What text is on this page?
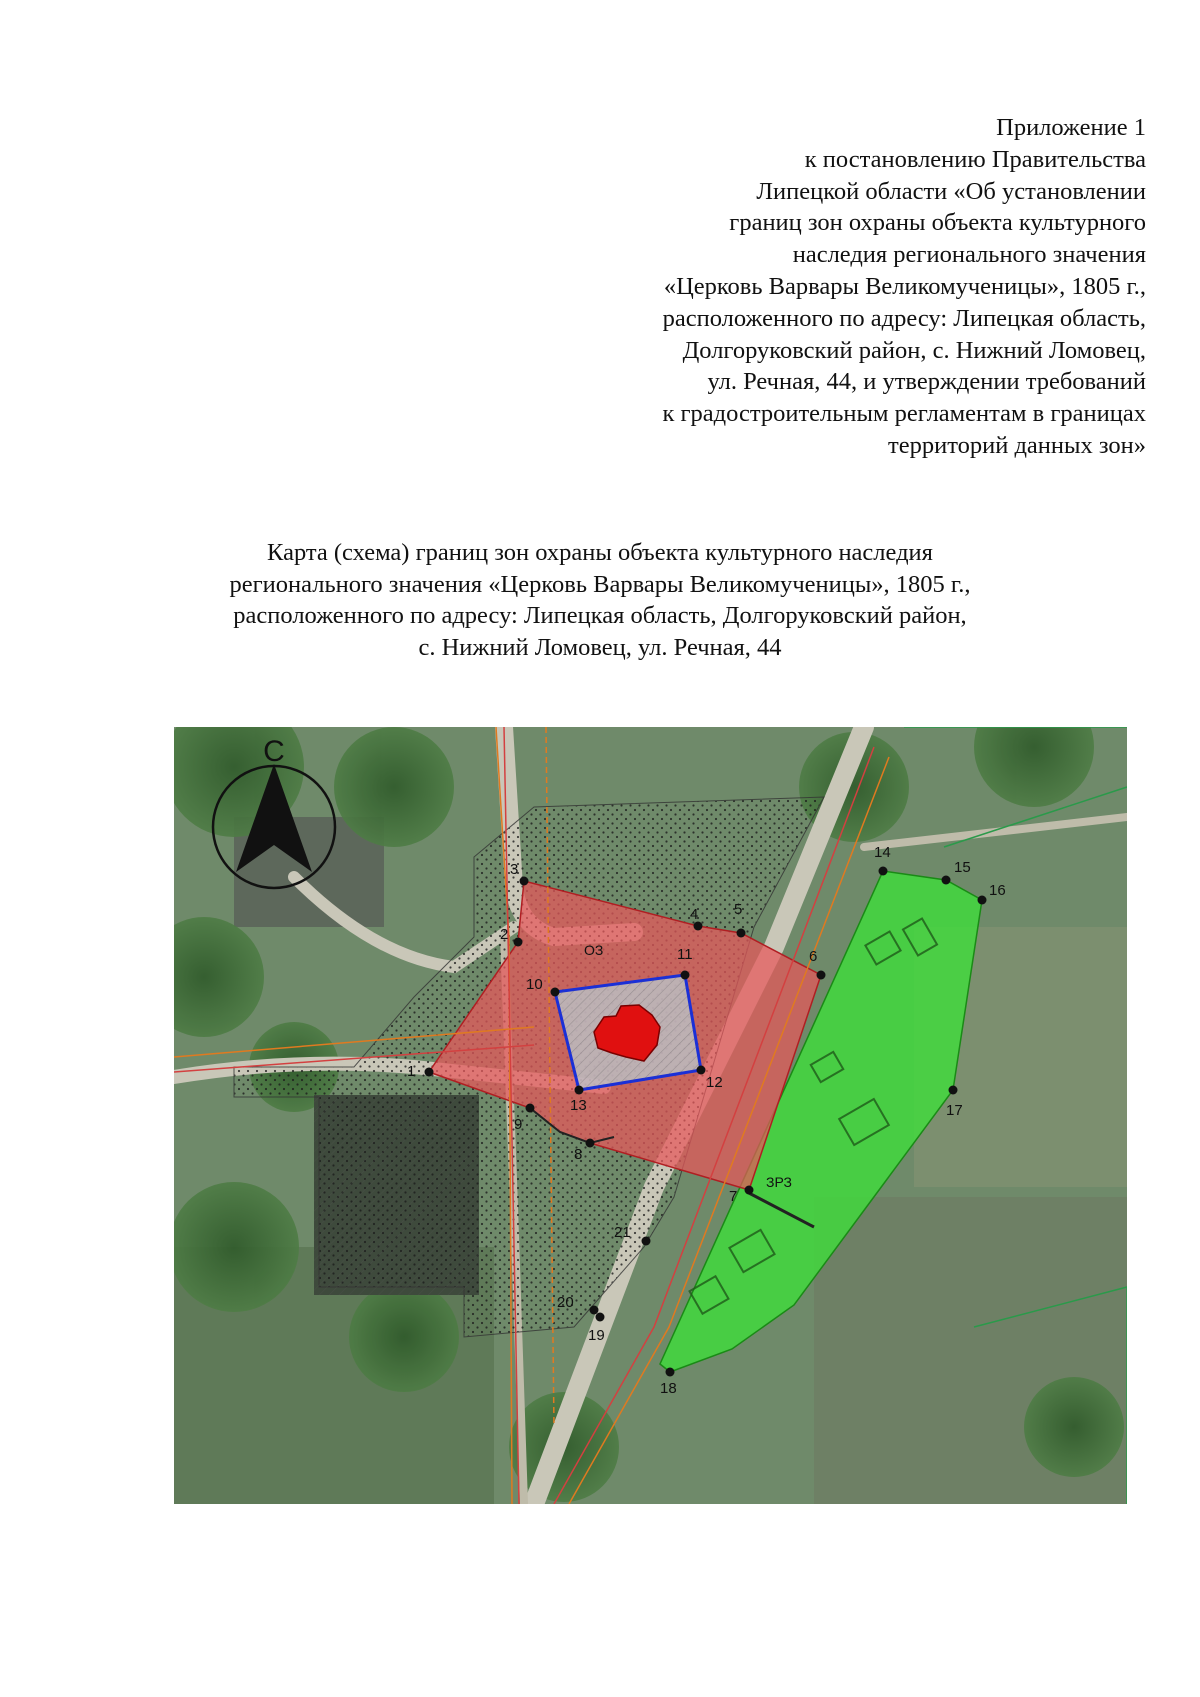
Приложение 1
к постановлению Правительства
Липецкой области «Об установлении
границ зон охраны объекта культурного
наследия регионального значения
«Церковь Варвары Великомученицы», 1805 г.,
расположенного по адресу: Липецкая область,
Долгоруковский район, с. Нижний Ломовец,
ул. Речная, 44, и утверждении требований
к градостроительным регламентам в границах
территорий данных зон»
Карта (схема) границ зон охраны объекта культурного наследия
регионального значения «Церковь Варвары Великомученицы», 1805 г.,
расположенного по адресу: Липецкая область, Долгоруковский район,
с. Нижний Ломовец, ул. Речная, 44
С
ОЗ
ЗРЗ
1
2
3
4 5
6
7
8
9
10
11
12
13
14
15
16
17
18
19
20
21
